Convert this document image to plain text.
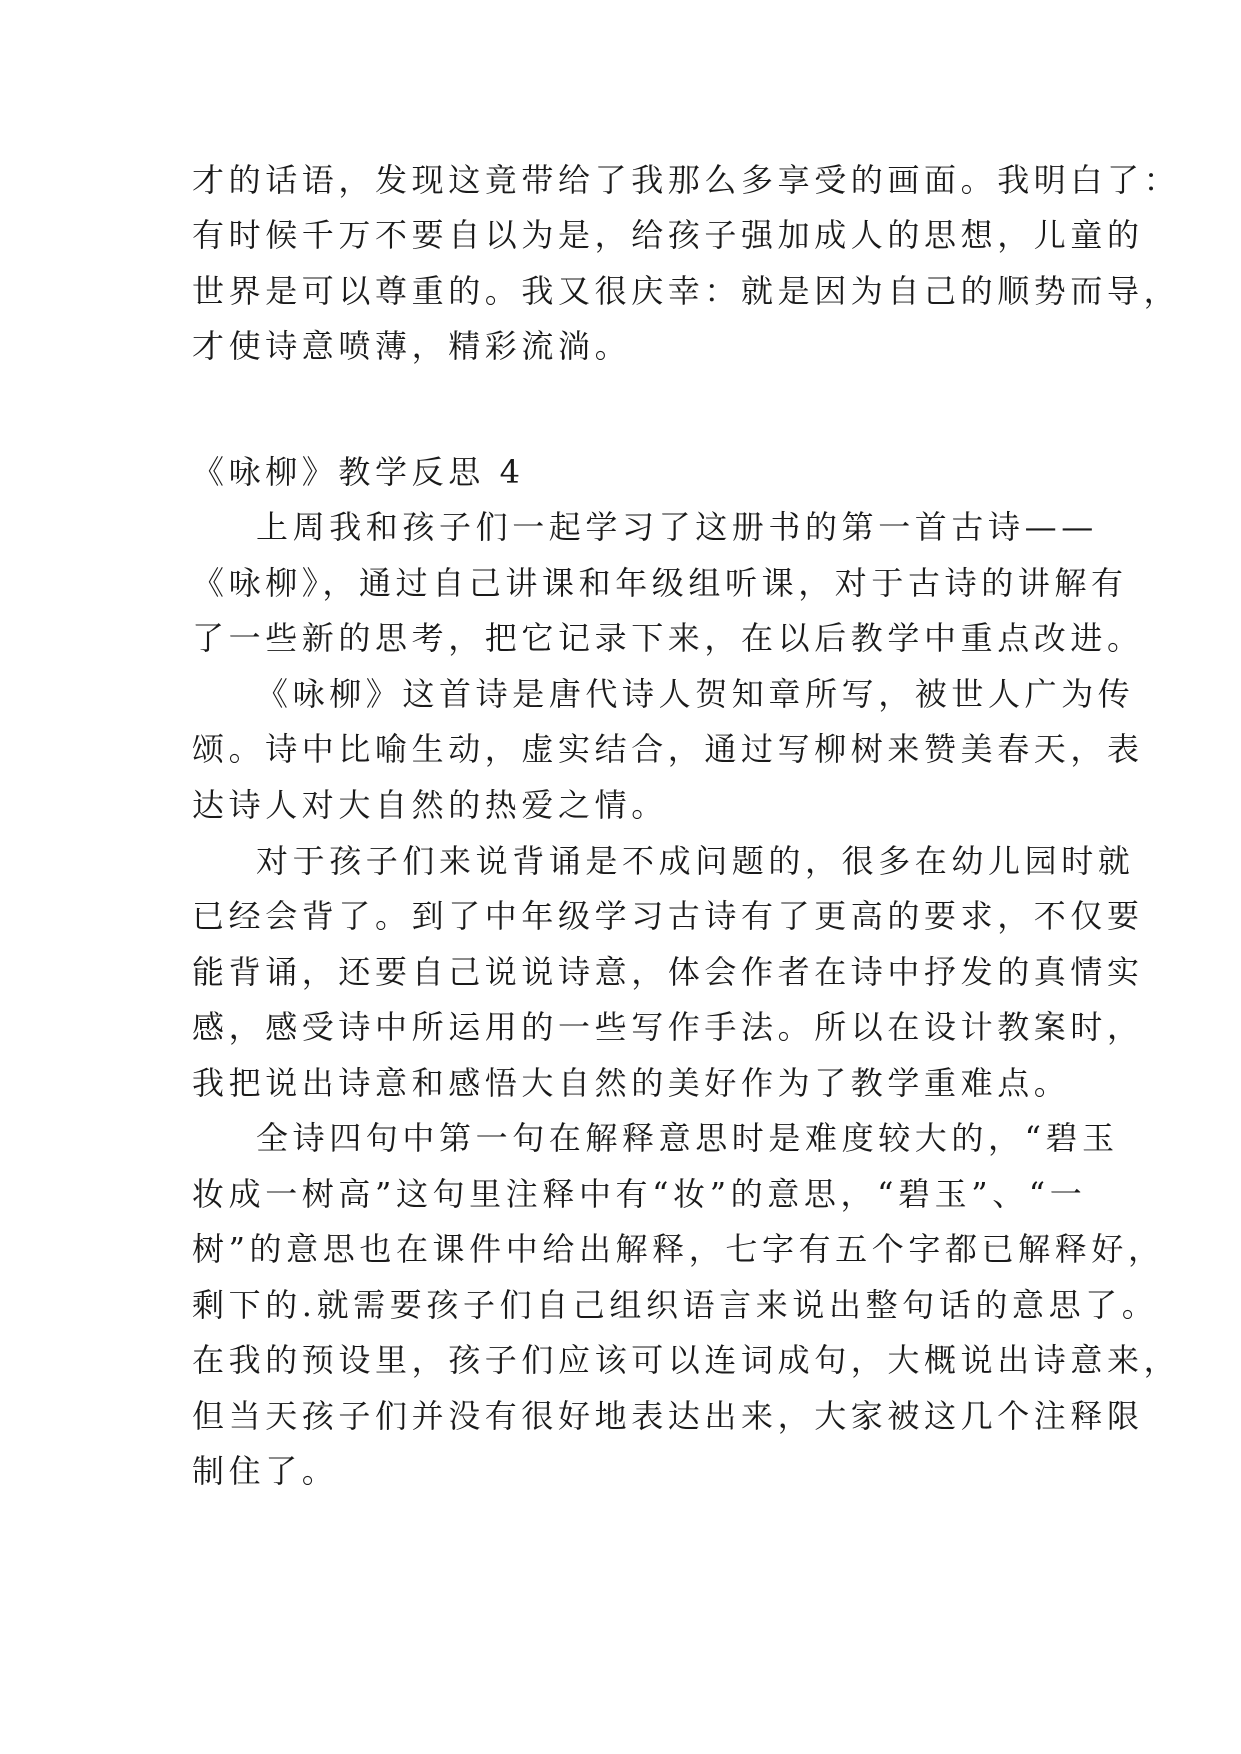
才的话语，发现这竟带给了我那么多享受的画面。我明白了：
有时候千万不要自以为是，给孩子强加成人的思想，儿童的
世界是可以尊重的。我又很庆幸：就是因为自己的顺势而导，
才使诗意喷薄，精彩流淌。
《咏柳》教学反思 4
上周我和孩子们一起学习了这册书的第一首古诗——
《咏柳》，通过自己讲课和年级组听课，对于古诗的讲解有
了一些新的思考，把它记录下来，在以后教学中重点改进。
《咏柳》这首诗是唐代诗人贺知章所写，被世人广为传
颂。诗中比喻生动，虚实结合，通过写柳树来赞美春天，表
达诗人对大自然的热爱之情。
对于孩子们来说背诵是不成问题的，很多在幼儿园时就
已经会背了。到了中年级学习古诗有了更高的要求，不仅要
能背诵，还要自己说说诗意，体会作者在诗中抒发的真情实
感，感受诗中所运用的一些写作手法。所以在设计教案时，
我把说出诗意和感悟大自然的美好作为了教学重难点。
全诗四句中第一句在解释意思时是难度较大的，“碧玉
妆成一树高”这句里注释中有“妆”的意思，“碧玉”、“一
树”的意思也在课件中给出解释，七字有五个字都已解释好，
剩下的.就需要孩子们自己组织语言来说出整句话的意思了。
在我的预设里，孩子们应该可以连词成句，大概说出诗意来，
但当天孩子们并没有很好地表达出来，大家被这几个注释限
制住了。
